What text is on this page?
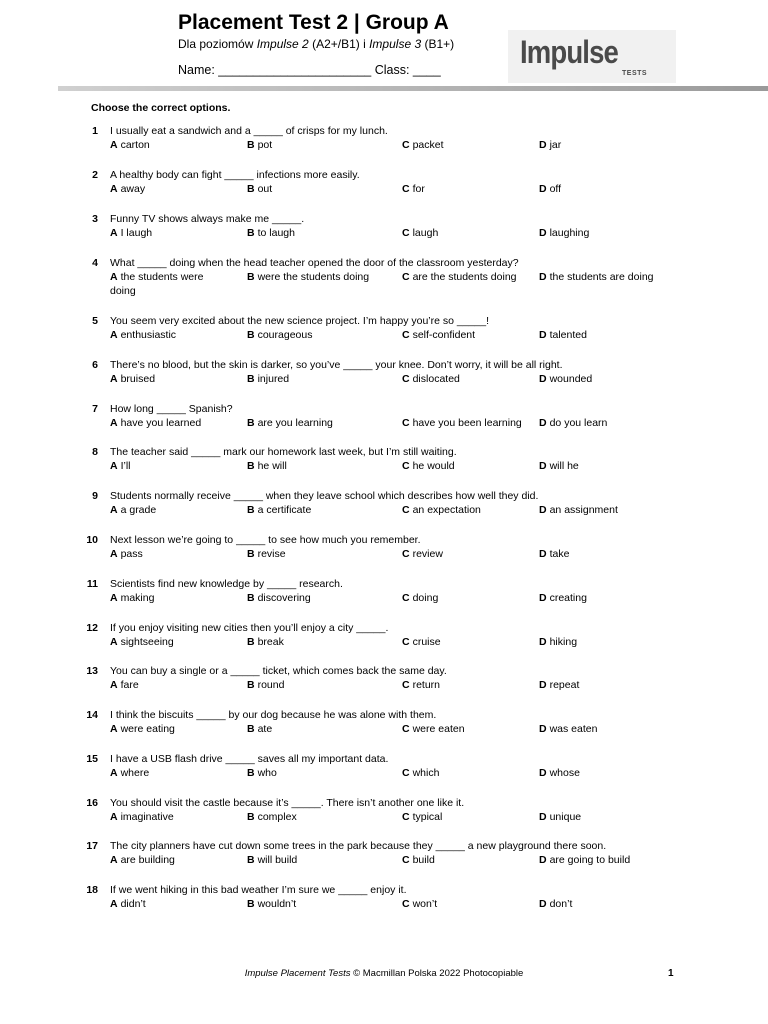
Placement Test 2 | Group A
Dla poziomów Impulse 2 (A2+/B1) i Impulse 3 (B1+)
Name: ______________________ Class: ____ Impulse
TESTS
Choose the correct options.
1 I usually eat a sandwich and a _____ of crisps for my lunch.
A carton	B pot	C packet	D jar
2 A healthy body can fight _____ infections more easily.
A away	B out	C for	D off
3 Funny TV shows always make me _____.
A I laugh	B to laugh	C laugh	D laughing
4 What _____ doing when the head teacher opened the door of the classroom yesterday?
A the students were doing
B were the students doing	C are the students doing	D the students are doing
5 You seem very excited about the new science project. I’m happy you’re so _____!
A enthusiastic	B courageous	C self-confident	D talented
6 There’s no blood, but the skin is darker, so you’ve _____ your knee. Don’t worry, it will be all right.
A bruised	B injured	C dislocated	D wounded
7 How long _____ Spanish?
A have you learned	B are you learning	C have you been learning D do you learn
8 The teacher said _____ mark our homework last week, but I’m still waiting.
A I’ll	B he will	C he would	D will he
9 Students normally receive _____ when they leave school which describes how well they did.
A a grade	B a certificate	C an expectation	D an assignment
10 Next lesson we’re going to _____ to see how much you remember.
A pass	B revise	C review	D take
11 Scientists find new knowledge by _____ research.
A making	B discovering	C doing	D creating
12 If you enjoy visiting new cities then you’ll enjoy a city _____.
A sightseeing	B break	C cruise	D hiking
13 You can buy a single or a _____ ticket, which comes back the same day.
A fare	B round	C return	D repeat
14 I think the biscuits _____ by our dog because he was alone with them.
A were eating	B ate	C were eaten	D was eaten
15 I have a USB flash drive _____ saves all my important data.
A where	B who	C which	D whose
16 You should visit the castle because it’s _____. There isn’t another one like it.
A imaginative	B complex	C typical	D unique
17 The city planners have cut down some trees in the park because they _____ a new playground there soon.
A are building	B will build	C build	D are going to build
18 If we went hiking in this bad weather I’m sure we _____ enjoy it.
A didn’t	B wouldn’t	C won’t	D don’t
Impulse Placement Tests © Macmillan Polska 2022 Photocopiable	1
